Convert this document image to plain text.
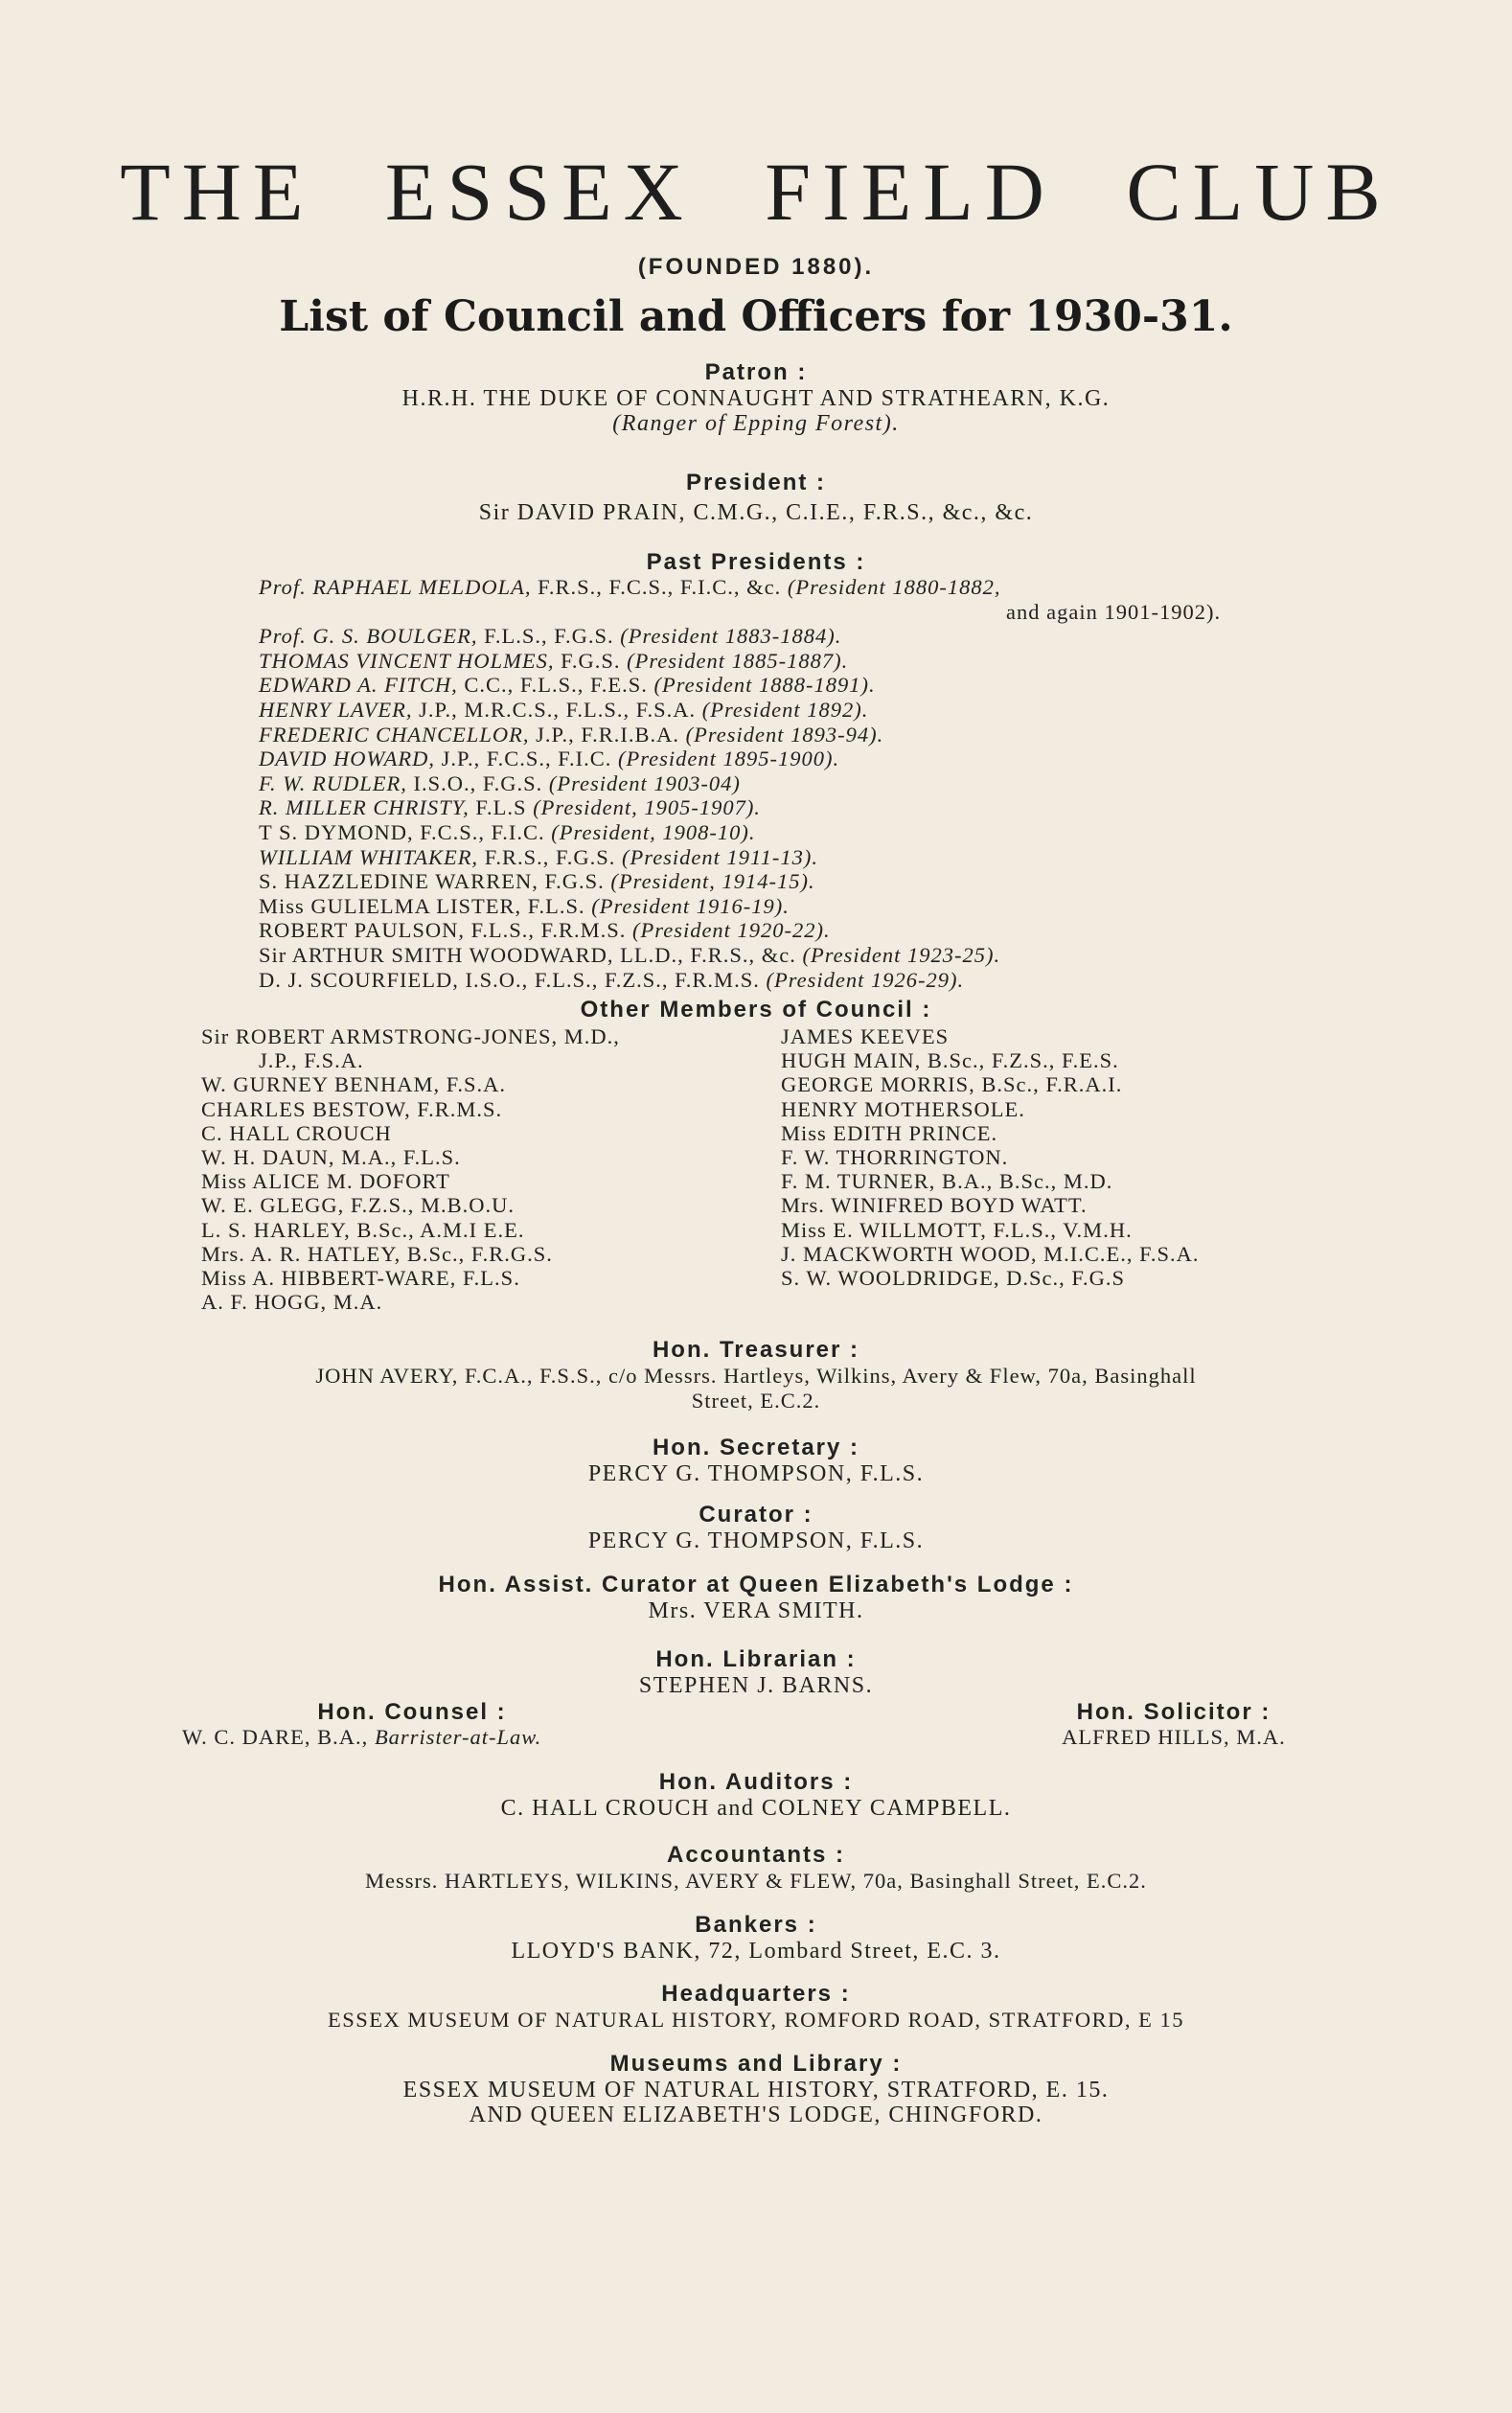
THE ESSEX FIELD CLUB
(FOUNDED 1880).
List of Council and Officers for 1930-31.
Patron :
H.R.H. THE DUKE OF CONNAUGHT AND STRATHEARN, K.G.
(Ranger of Epping Forest).
President :
Sir DAVID PRAIN, C.M.G., C.I.E., F.R.S., &c., &c.
Past Presidents :
Prof. RAPHAEL MELDOLA, F.R.S., F.C.S., F.I.C., &c. (President 1880-1882,
and again 1901-1902).
Prof. G. S. BOULGER, F.L.S., F.G.S. (President 1883-1884).
THOMAS VINCENT HOLMES, F.G.S. (President 1885-1887).
EDWARD A. FITCH, C.C., F.L.S., F.E.S. (President 1888-1891).
HENRY LAVER, J.P., M.R.C.S., F.L.S., F.S.A. (President 1892).
FREDERIC CHANCELLOR, J.P., F.R.I.B.A. (President 1893-94).
DAVID HOWARD, J.P., F.C.S., F.I.C. (President 1895-1900).
F. W. RUDLER, I.S.O., F.G.S. (President 1903-04)
R. MILLER CHRISTY, F.L.S (President, 1905-1907).
T S. DYMOND, F.C.S., F.I.C. (President, 1908-10).
WILLIAM WHITAKER, F.R.S., F.G.S. (President 1911-13).
S. HAZZLEDINE WARREN, F.G.S. (President, 1914-15).
Miss GULIELMA LISTER, F.L.S. (President 1916-19).
ROBERT PAULSON, F.L.S., F.R.M.S. (President 1920-22).
Sir ARTHUR SMITH WOODWARD, LL.D., F.R.S., &c. (President 1923-25).
D. J. SCOURFIELD, I.S.O., F.L.S., F.Z.S., F.R.M.S. (President 1926-29).
Other Members of Council :
Sir ROBERT ARMSTRONG-JONES, M.D.,
J.P., F.S.A.
W. GURNEY BENHAM, F.S.A.
CHARLES BESTOW, F.R.M.S.
C. HALL CROUCH
W. H. DAUN, M.A., F.L.S.
Miss ALICE M. DOFORT
W. E. GLEGG, F.Z.S., M.B.O.U.
L. S. HARLEY, B.Sc., A.M.I E.E.
Mrs. A. R. HATLEY, B.Sc., F.R.G.S.
Miss A. HIBBERT-WARE, F.L.S.
A. F. HOGG, M.A.
JAMES KEEVES
HUGH MAIN, B.Sc., F.Z.S., F.E.S.
GEORGE MORRIS, B.Sc., F.R.A.I.
HENRY MOTHERSOLE.
Miss EDITH PRINCE.
F. W. THORRINGTON.
F. M. TURNER, B.A., B.Sc., M.D.
Mrs. WINIFRED BOYD WATT.
Miss E. WILLMOTT, F.L.S., V.M.H.
J. MACKWORTH WOOD, M.I.C.E., F.S.A.
S. W. WOOLDRIDGE, D.Sc., F.G.S
Hon. Treasurer :
JOHN AVERY, F.C.A., F.S.S., c/o Messrs. Hartleys, Wilkins, Avery & Flew, 70a, Basinghall
Street, E.C.2.
Hon. Secretary :
PERCY G. THOMPSON, F.L.S.
Curator :
PERCY G. THOMPSON, F.L.S.
Hon. Assist. Curator at Queen Elizabeth's Lodge :
Mrs. VERA SMITH.
Hon. Librarian :
STEPHEN J. BARNS.
Hon. Counsel :
W. C. DARE, B.A., Barrister-at-Law.
Hon. Solicitor :
ALFRED HILLS, M.A.
Hon. Auditors :
C. HALL CROUCH and COLNEY CAMPBELL.
Accountants :
Messrs. HARTLEYS, WILKINS, AVERY & FLEW, 70a, Basinghall Street, E.C.2.
Bankers :
LLOYD'S BANK, 72, Lombard Street, E.C. 3.
Headquarters :
ESSEX MUSEUM OF NATURAL HISTORY, ROMFORD ROAD, STRATFORD, E 15
Museums and Library :
ESSEX MUSEUM OF NATURAL HISTORY, STRATFORD, E. 15.
AND QUEEN ELIZABETH'S LODGE, CHINGFORD.
